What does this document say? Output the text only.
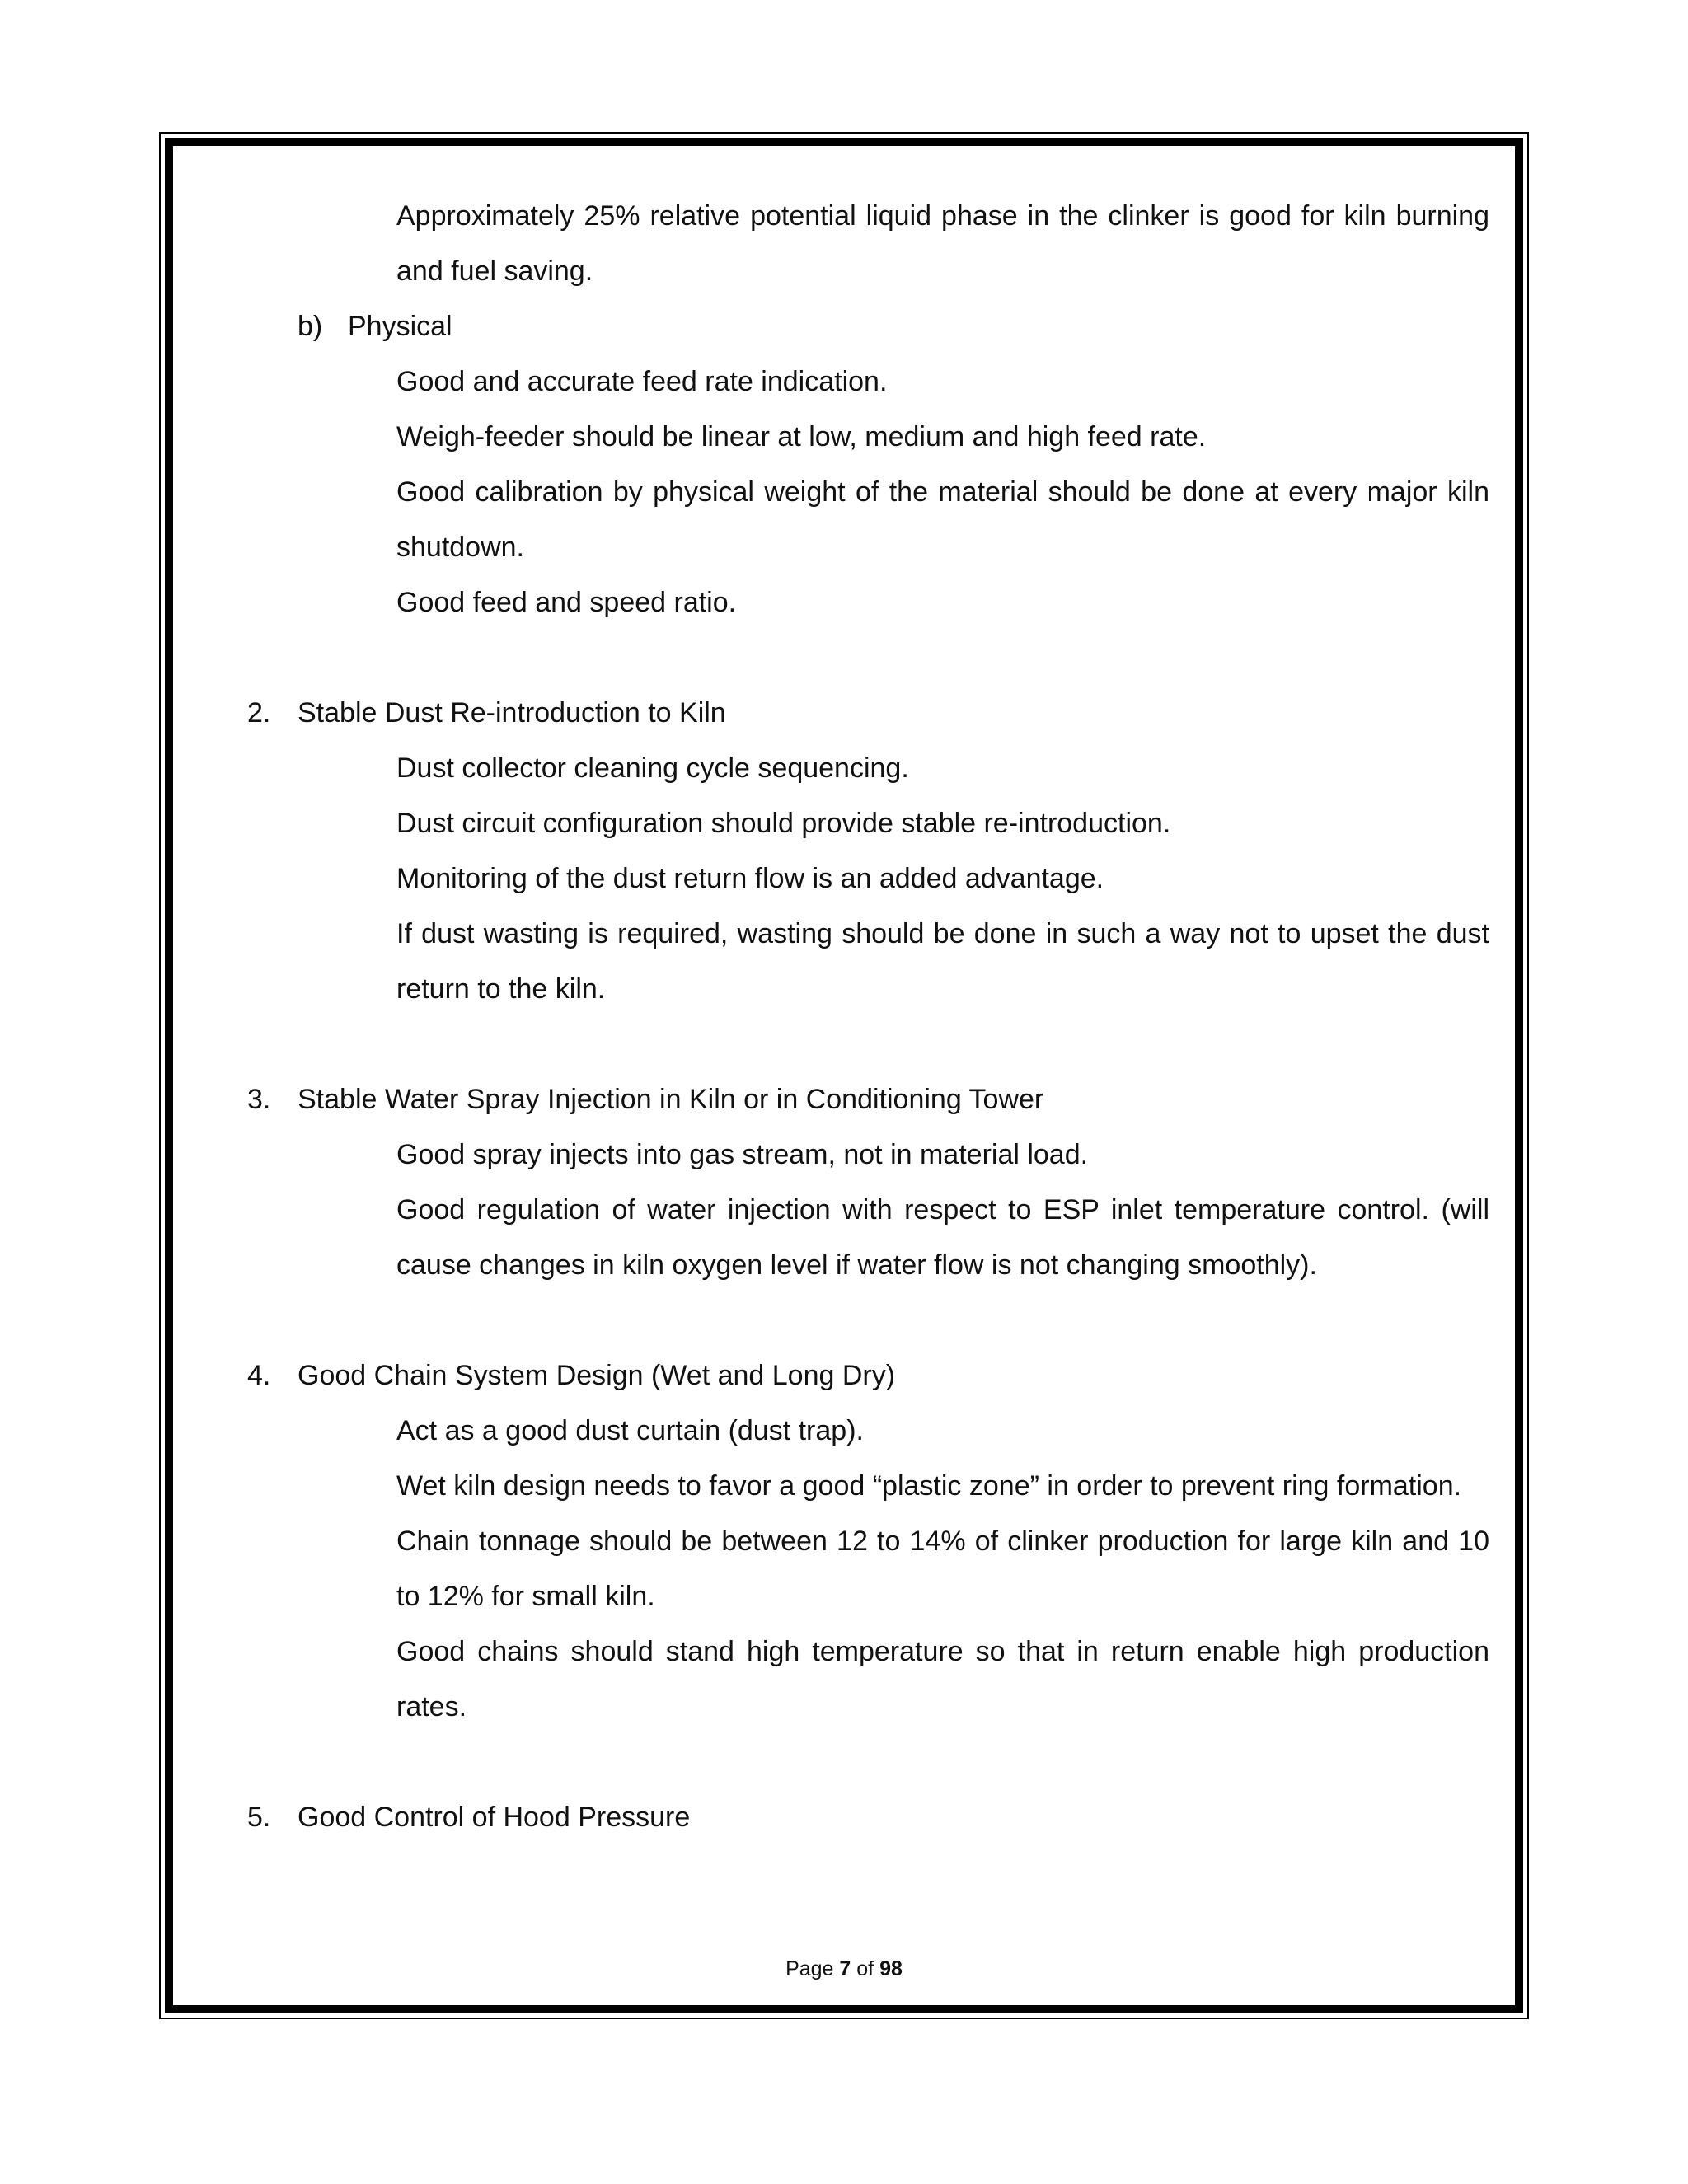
Approximately 25% relative potential liquid phase in the clinker is good for kiln burning
and fuel saving.
b) Physical
Good and accurate feed rate indication.
Weigh-feeder should be linear at low, medium and high feed rate.
Good calibration by physical weight of the material should be done at every major kiln
shutdown.
Good feed and speed ratio.
2. Stable Dust Re-introduction to Kiln
Dust collector cleaning cycle sequencing.
Dust circuit configuration should provide stable re-introduction.
Monitoring of the dust return flow is an added advantage.
If dust wasting is required, wasting should be done in such a way not to upset the dust
return to the kiln.
3. Stable Water Spray Injection in Kiln or in Conditioning Tower
Good spray injects into gas stream, not in material load.
Good regulation of water injection with respect to ESP inlet temperature control. (will
cause changes in kiln oxygen level if water flow is not changing smoothly).
4. Good Chain System Design (Wet and Long Dry)
Act as a good dust curtain (dust trap).
Wet kiln design needs to favor a good “plastic zone” in order to prevent ring formation.
Chain tonnage should be between 12 to 14% of clinker production for large kiln and 10
to 12% for small kiln.
Good chains should stand high temperature so that in return enable high production
rates.
5. Good Control of Hood Pressure
Page 7 of 98
